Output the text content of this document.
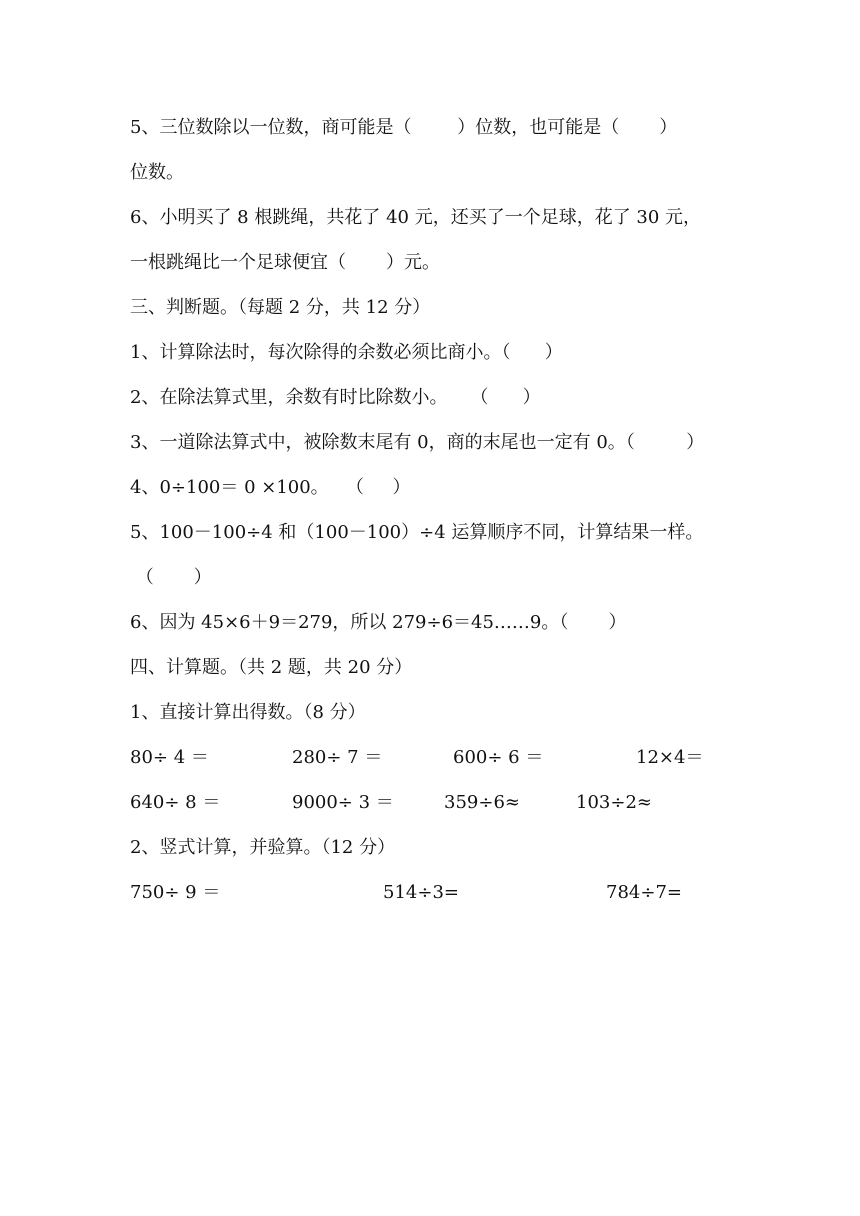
5、三位数除以一位数，商可能是（        ）位数，也可能是（       ）

位数。

6、小明买了 8 根跳绳，共花了 40 元，还买了一个足球，花了 30 元，

一根跳绳比一个足球便宜（       ）元。

三、判断题。（每题 2 分，共 12 分）

1、计算除法时，每次除得的余数必须比商小。（      ）

2、在除法算式里，余数有时比除数小。    （      ）

3、一道除法算式中，被除数末尾有 0，商的末尾也一定有 0。（         ）

4、0÷100＝ 0 ×100。   （     ）

5、100－100÷4 和（100－100）÷4 运算顺序不同，计算结果一样。

（       ）

6、因为 45×6＋9＝279，所以 279÷6＝45……9。（       ）

四、计算题。（共 2 题，共 20 分）

1、直接计算出得数。（8 分）

80÷ 4 ＝	280÷ 7 ＝	600÷ 6 ＝	12×4＝
640÷ 8 ＝	9000÷ 3 ＝	359÷6≈	103÷2≈

2、竖式计算，并验算。（12 分）

750÷ 9 ＝	514÷3=	784÷7=
